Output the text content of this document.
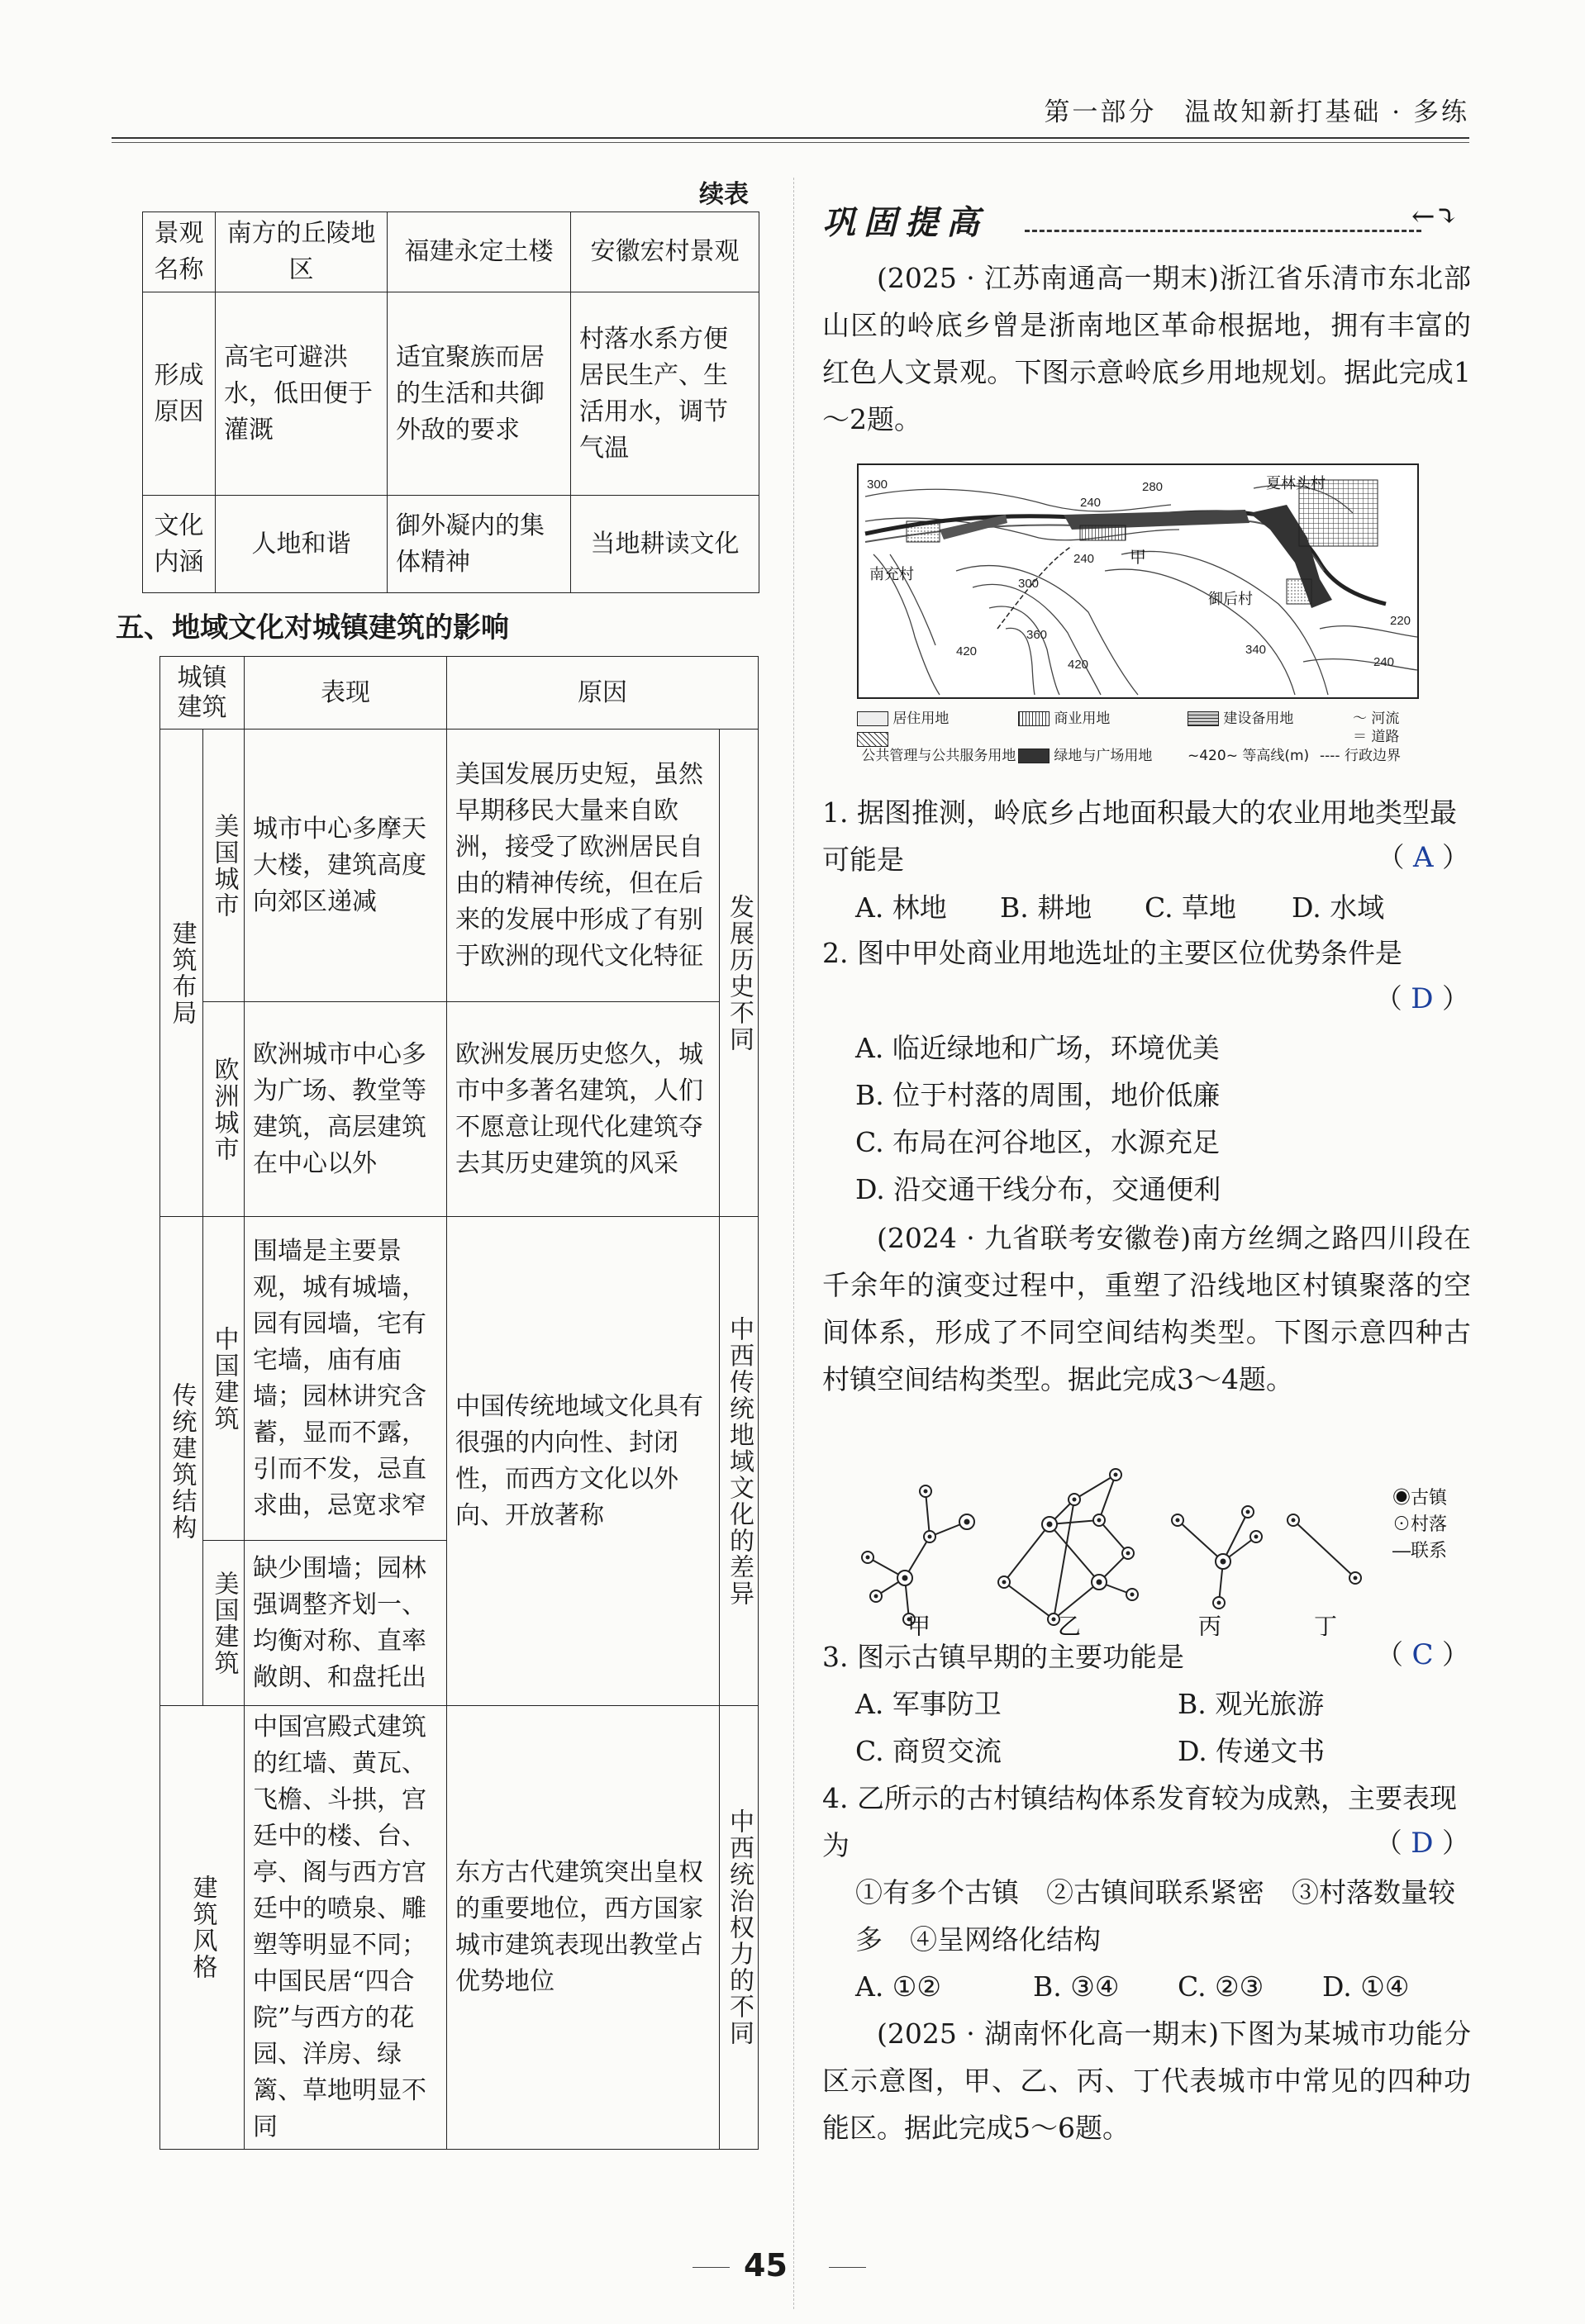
第一部分　温故知新打基础 · 多练
续表
景观名称	南方的丘陵地区	福建永定土楼	安徽宏村景观
形成原因	高宅可避洪水，低田便于灌溉	适宜聚族而居的生活和共御外敌的要求	村落水系方便居民生产、生活用水，调节气温
文化内涵	人地和谐	御外凝内的集体精神	当地耕读文化
五、地域文化对城镇建筑的影响
城镇建筑		表现	原因	
建筑布局	美国城市	城市中心多摩天大楼，建筑高度向郊区递减	美国发展历史短，虽然早期移民大量来自欧洲，接受了欧洲居民自由的精神传统，但在后来的发展中形成了有别于欧洲的现代文化特征	发展历史不同
	欧洲城市	欧洲城市中心多为广场、教堂等建筑，高层建筑在中心以外	欧洲发展历史悠久，城市中多著名建筑，人们不愿意让现代化建筑夺去其历史建筑的风采	
传统建筑结构	中国建筑	围墙是主要景观，城有城墙，园有园墙，宅有宅墙，庙有庙墙；园林讲究含蓄，显而不露，引而不发，忌直求曲，忌宽求窄	中国传统地域文化具有很强的内向性、封闭性，而西方文化以外向、开放著称	中西传统地域文化的差异
	美国建筑	缺少围墙；园林强调整齐划一、均衡对称、直率敞朗、和盘托出		
建筑风格		中国宫殿式建筑的红墙、黄瓦、飞檐、斗拱，宫廷中的楼、台、亭、阁与西方宫廷中的喷泉、雕塑等明显不同；中国民居“四合院”与西方的花园、洋房、绿篱、草地明显不同	东方古代建筑突出皇权的重要地位，西方国家城市建筑表现出教堂占优势地位	中西统治权力的不同
巩固提高	←⤵
(2025 · 江苏南通高一期末)浙江省乐清市东北部山区的岭底乡曾是浙南地区革命根据地，拥有丰富的红色人文景观。下图示意岭底乡用地规划。据此完成1～2题。
夏林头村
南充村
御后村
甲
300	280
240
240
300
360
420
420
220
240
340
居住用地	商业用地	建设备用地	〜 河流
＝ 道路
公共管理与公共服务用地	绿地与广场用地	~420~ 等高线(m) ---- 行政边界
1. 据图推测，岭底乡占地面积最大的农业用地类型最可能是	（ A ）
A. 林地 B. 耕地 C. 草地 D. 水域
2. 图中甲处商业用地选址的主要区位优势条件是
（ D ）
A. 临近绿地和广场，环境优美
B. 位于村落的周围，地价低廉
C. 布局在河谷地区，水源充足
D. 沿交通干线分布，交通便利
(2024 · 九省联考安徽卷)南方丝绸之路四川段在千余年的演变过程中，重塑了沿线地区村镇聚落的空间体系，形成了不同空间结构类型。下图示意四种古村镇空间结构类型。据此完成3～4题。
甲	乙	丙	丁
◉古镇
⊙村落
—联系
3. 图示古镇早期的主要功能是	（ C ）
A. 军事防卫	B. 观光旅游
C. 商贸交流	D. 传递文书
4. 乙所示的古村镇结构体系发育较为成熟，主要表现为	（ D ）
①有多个古镇　②古镇间联系紧密　③村落数量较多　④呈网络化结构
A. ①②	B. ③④ C. ②③ D. ①④
(2025 · 湖南怀化高一期末)下图为某城市功能分区示意图，甲、乙、丙、丁代表城市中常见的四种功能区。据此完成5～6题。
45
